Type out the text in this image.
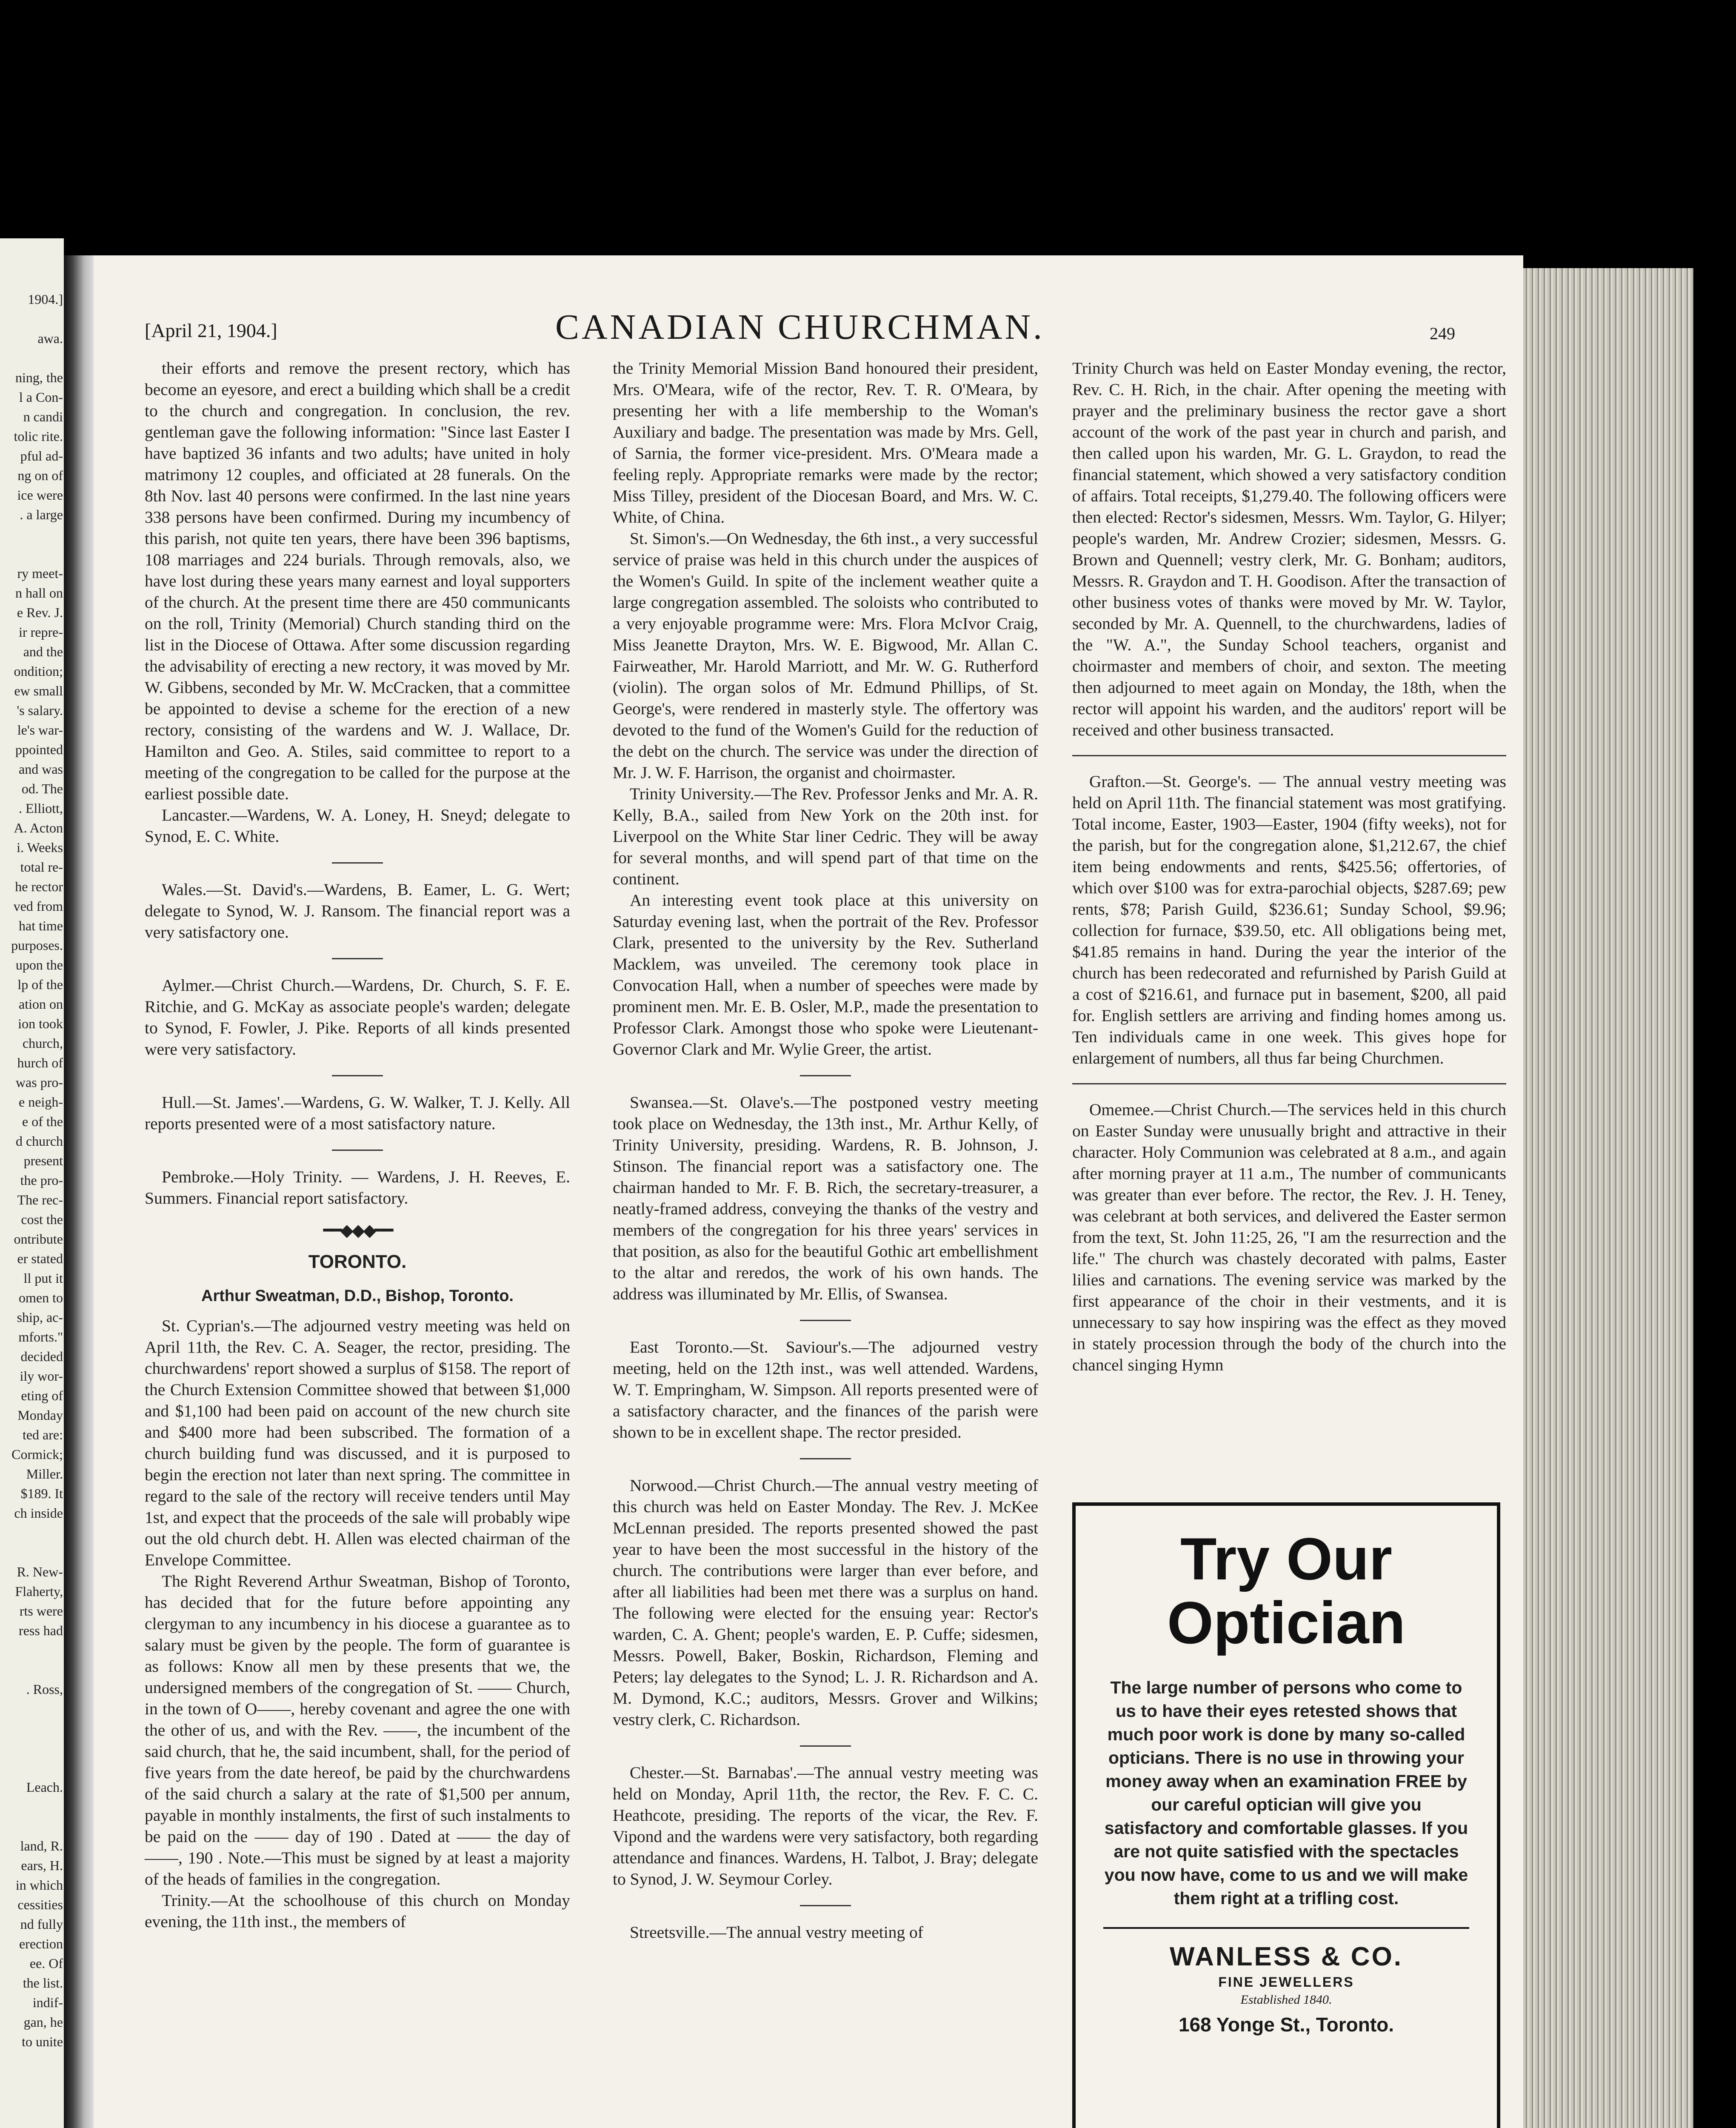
1904.]

awa.

ning, the
l a Con-
n candi
tolic rite.
pful ad-
ng on of
ice were
. a large

ry meet-
n hall on
e Rev. J.
ir repre-
and the
ondition;
ew small
's salary.
le's war-
ppointed
and was
od. The
. Elliott,
A. Acton
i. Weeks
total re-
he rector
ved from
hat time
purposes.
upon the
lp of the
ation on
ion took
church,
hurch of
was pro-
e neigh-
e of the
d church
present
the pro-
The rec-
cost the
ontribute
er stated
ll put it
omen to
ship, ac-
mforts."
decided
ily wor-
eting of
Monday
ted are:
Cormick;
Miller.
$189. It
ch inside

R. New-
Flaherty,
rts were
ress had

. Ross,

Leach.

land, R.
ears, H.
in which
cessities
nd fully
erection
ee. Of
the list.
indif-
gan, he
to unite
[April 21, 1904.]	CANADIAN CHURCHMAN.	249

their efforts and remove the present rectory, which has become an eyesore, and erect a building which shall be a credit to the church and congregation. In conclusion, the rev. gentleman gave the following information: "Since last Easter I have baptized 36 infants and two adults; have united in holy matrimony 12 couples, and officiated at 28 funerals. On the 8th Nov. last 40 persons were confirmed. In the last nine years 338 persons have been confirmed. During my incumbency of this parish, not quite ten years, there have been 396 baptisms, 108 marriages and 224 burials. Through removals, also, we have lost during these years many earnest and loyal supporters of the church. At the present time there are 450 communicants on the roll, Trinity (Memorial) Church standing third on the list in the Diocese of Ottawa. After some discussion regarding the advisability of erecting a new rectory, it was moved by Mr. W. Gibbens, seconded by Mr. W. McCracken, that a committee be appointed to devise a scheme for the erection of a new rectory, consisting of the wardens and W. J. Wallace, Dr. Hamilton and Geo. A. Stiles, said committee to report to a meeting of the congregation to be called for the purpose at the earliest possible date.

Lancaster.—Wardens, W. A. Loney, H. Sneyd; delegate to Synod, E. C. White.

Wales.—St. David's.—Wardens, B. Eamer, L. G. Wert; delegate to Synod, W. J. Ransom. The financial report was a very satisfactory one.

Aylmer.—Christ Church.—Wardens, Dr. Church, S. F. E. Ritchie, and G. McKay as associate people's warden; delegate to Synod, F. Fowler, J. Pike. Reports of all kinds presented were very satisfactory.

Hull.—St. James'.—Wardens, G. W. Walker, T. J. Kelly. All reports presented were of a most satisfactory nature.

Pembroke.—Holy Trinity. — Wardens, J. H. Reeves, E. Summers. Financial report satisfactory.

━━◆◆◆━━
TORONTO.
Arthur Sweatman, D.D., Bishop, Toronto.

St. Cyprian's.—The adjourned vestry meeting was held on April 11th, the Rev. C. A. Seager, the rector, presiding. The churchwardens' report showed a surplus of $158. The report of the Church Extension Committee showed that between $1,000 and $1,100 had been paid on account of the new church site and $400 more had been subscribed. The formation of a church building fund was discussed, and it is purposed to begin the erection not later than next spring. The committee in regard to the sale of the rectory will receive tenders until May 1st, and expect that the proceeds of the sale will probably wipe out the old church debt. H. Allen was elected chairman of the Envelope Committee.

The Right Reverend Arthur Sweatman, Bishop of Toronto, has decided that for the future before appointing any clergyman to any incumbency in his diocese a guarantee as to salary must be given by the people. The form of guarantee is as follows: Know all men by these presents that we, the undersigned members of the congregation of St. —— Church, in the town of O——, hereby covenant and agree the one with the other of us, and with the Rev. ——, the incumbent of the said church, that he, the said incumbent, shall, for the period of five years from the date hereof, be paid by the churchwardens of the said church a salary at the rate of $1,500 per annum, payable in monthly instalments, the first of such instalments to be paid on the —— day of 190 . Dated at —— the day of ——, 190 . Note.—This must be signed by at least a majority of the heads of families in the congregation.

Trinity.—At the schoolhouse of this church on Monday evening, the 11th inst., the members of

the Trinity Memorial Mission Band honoured their president, Mrs. O'Meara, wife of the rector, Rev. T. R. O'Meara, by presenting her with a life membership to the Woman's Auxiliary and badge. The presentation was made by Mrs. Gell, of Sarnia, the former vice-president. Mrs. O'Meara made a feeling reply. Appropriate remarks were made by the rector; Miss Tilley, president of the Diocesan Board, and Mrs. W. C. White, of China.

St. Simon's.—On Wednesday, the 6th inst., a very successful service of praise was held in this church under the auspices of the Women's Guild. In spite of the inclement weather quite a large congregation assembled. The soloists who contributed to a very enjoyable programme were: Mrs. Flora McIvor Craig, Miss Jeanette Drayton, Mrs. W. E. Bigwood, Mr. Allan C. Fairweather, Mr. Harold Marriott, and Mr. W. G. Rutherford (violin). The organ solos of Mr. Edmund Phillips, of St. George's, were rendered in masterly style. The offertory was devoted to the fund of the Women's Guild for the reduction of the debt on the church. The service was under the direction of Mr. J. W. F. Harrison, the organist and choirmaster.

Trinity University.—The Rev. Professor Jenks and Mr. A. R. Kelly, B.A., sailed from New York on the 20th inst. for Liverpool on the White Star liner Cedric. They will be away for several months, and will spend part of that time on the continent.

An interesting event took place at this university on Saturday evening last, when the portrait of the Rev. Professor Clark, presented to the university by the Rev. Sutherland Macklem, was unveiled. The ceremony took place in Convocation Hall, when a number of speeches were made by prominent men. Mr. E. B. Osler, M.P., made the presentation to Professor Clark. Amongst those who spoke were Lieutenant-Governor Clark and Mr. Wylie Greer, the artist.

Swansea.—St. Olave's.—The postponed vestry meeting took place on Wednesday, the 13th inst., Mr. Arthur Kelly, of Trinity University, presiding. Wardens, R. B. Johnson, J. Stinson. The financial report was a satisfactory one. The chairman handed to Mr. F. B. Rich, the secretary-treasurer, a neatly-framed address, conveying the thanks of the vestry and members of the congregation for his three years' services in that position, as also for the beautiful Gothic art embellishment to the altar and reredos, the work of his own hands. The address was illuminated by Mr. Ellis, of Swansea.

East Toronto.—St. Saviour's.—The adjourned vestry meeting, held on the 12th inst., was well attended. Wardens, W. T. Empringham, W. Simpson. All reports presented were of a satisfactory character, and the finances of the parish were shown to be in excellent shape. The rector presided.

Norwood.—Christ Church.—The annual vestry meeting of this church was held on Easter Monday. The Rev. J. McKee McLennan presided. The reports presented showed the past year to have been the most successful in the history of the church. The contributions were larger than ever before, and after all liabilities had been met there was a surplus on hand. The following were elected for the ensuing year: Rector's warden, C. A. Ghent; people's warden, E. P. Cuffe; sidesmen, Messrs. Powell, Baker, Boskin, Richardson, Fleming and Peters; lay delegates to the Synod; L. J. R. Richardson and A. M. Dymond, K.C.; auditors, Messrs. Grover and Wilkins; vestry clerk, C. Richardson.

Chester.—St. Barnabas'.—The annual vestry meeting was held on Monday, April 11th, the rector, the Rev. F. C. C. Heathcote, presiding. The reports of the vicar, the Rev. F. Vipond and the wardens were very satisfactory, both regarding attendance and finances. Wardens, H. Talbot, J. Bray; delegate to Synod, J. W. Seymour Corley.

Streetsville.—The annual vestry meeting of

Trinity Church was held on Easter Monday evening, the rector, Rev. C. H. Rich, in the chair. After opening the meeting with prayer and the preliminary business the rector gave a short account of the work of the past year in church and parish, and then called upon his warden, Mr. G. L. Graydon, to read the financial statement, which showed a very satisfactory condition of affairs. Total receipts, $1,279.40. The following officers were then elected: Rector's sidesmen, Messrs. Wm. Taylor, G. Hilyer; people's warden, Mr. Andrew Crozier; sidesmen, Messrs. G. Brown and Quennell; vestry clerk, Mr. G. Bonham; auditors, Messrs. R. Graydon and T. H. Goodison. After the transaction of other business votes of thanks were moved by Mr. W. Taylor, seconded by Mr. A. Quennell, to the churchwardens, ladies of the "W. A.", the Sunday School teachers, organist and choirmaster and members of choir, and sexton. The meeting then adjourned to meet again on Monday, the 18th, when the rector will appoint his warden, and the auditors' report will be received and other business transacted.

Grafton.—St. George's. — The annual vestry meeting was held on April 11th. The financial statement was most gratifying. Total income, Easter, 1903—Easter, 1904 (fifty weeks), not for the parish, but for the congregation alone, $1,212.67, the chief item being endowments and rents, $425.56; offertories, of which over $100 was for extra-parochial objects, $287.69; pew rents, $78; Parish Guild, $236.61; Sunday School, $9.96; collection for furnace, $39.50, etc. All obligations being met, $41.85 remains in hand. During the year the interior of the church has been redecorated and refurnished by Parish Guild at a cost of $216.61, and furnace put in basement, $200, all paid for. English settlers are arriving and finding homes among us. Ten individuals came in one week. This gives hope for enlargement of numbers, all thus far being Churchmen.

Omemee.—Christ Church.—The services held in this church on Easter Sunday were unusually bright and attractive in their character. Holy Communion was celebrated at 8 a.m., and again after morning prayer at 11 a.m., The number of communicants was greater than ever before. The rector, the Rev. J. H. Teney, was celebrant at both services, and delivered the Easter sermon from the text, St. John 11:25, 26, "I am the resurrection and the life." The church was chastely decorated with palms, Easter lilies and carnations. The evening service was marked by the first appearance of the choir in their vestments, and it is unnecessary to say how inspiring was the effect as they moved in stately procession through the body of the church into the chancel singing Hymn

Try Our
Optician
The large number of persons who come to us to have their eyes retested shows that much poor work is done by many so-called opticians. There is no use in throwing your money away when an examination FREE by our careful optician will give you satisfactory and comfortable glasses. If you are not quite satisfied with the spectacles you now have, come to us and we will make them right at a trifling cost.
WANLESS & CO.
FINE JEWELLERS
Established 1840.
168 Yonge St., Toronto.
